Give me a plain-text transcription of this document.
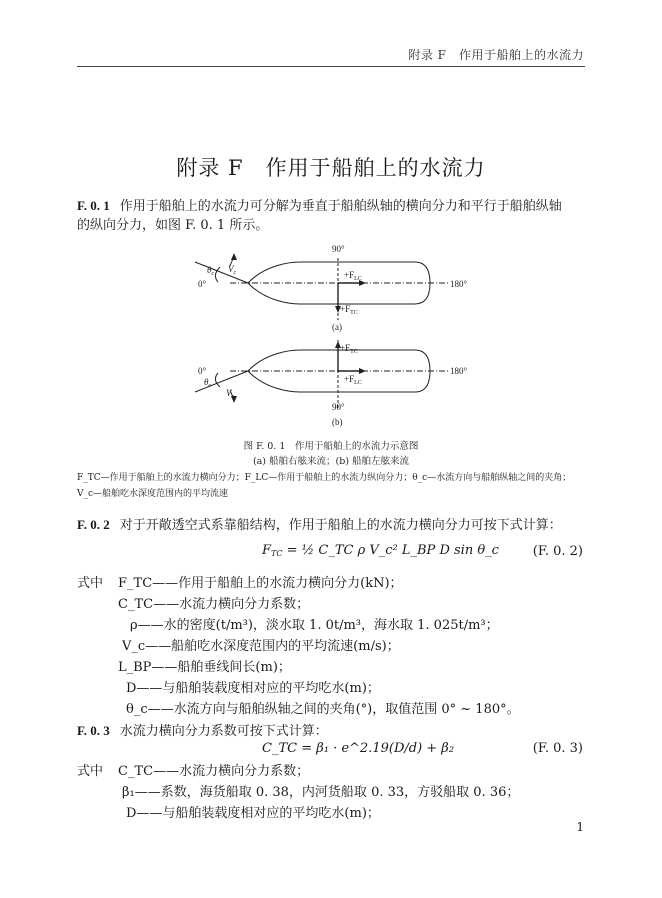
附录 F　作用于船舶上的水流力
附录 F　作用于船舶上的水流力
F. 0. 1 作用于船舶上的水流力可分解为垂直于船舶纵轴的横向分力和平行于船舶纵轴
的纵向分力，如图 F. 0. 1 所示。
90°
0°	180°
$\theta_c$ $V_c$	$+F_{LC}$
$+F_{TC}$
(a)
$+F_{TC}$
0°	180°
$+F_{LC}$
$\theta_c$
$V_c$
90°
(b)
图 F. 0. 1　作用于船舶上的水流力示意图
(a) 船舶右舷来流；(b) 船舶左舷来流
F_TC—作用于船舶上的水流力横向分力；F_LC—作用于船舶上的水流力纵向分力；θ_c—水流方向与船舶纵轴之间的夹角；
V_c—船舶吃水深度范围内的平均流速
F. 0. 2 对于开敞透空式系靠船结构，作用于船舶上的水流力横向分力可按下式计算：
$F_{TC}$ = ½ C_TC ρ V_c² L_BP D sin θ_c	(F. 0. 2)
式中 F_TC——作用于船舶上的水流力横向分力(kN)；
C_TC——水流力横向分力系数；
ρ——水的密度(t/m³)，淡水取 1. 0t/m³，海水取 1. 025t/m³；
V_c——船舶吃水深度范围内的平均流速(m/s)；
L_BP——船舶垂线间长(m)；
D——与船舶装载度相对应的平均吃水(m)；
θ_c——水流方向与船舶纵轴之间的夹角(°)，取值范围 0° ~ 180°。
F. 0. 3 水流力横向分力系数可按下式计算：
C_TC = β₁ · e^2.19(D/d) + β₂	(F. 0. 3)
式中 C_TC——水流力横向分力系数；
β₁——系数，海货船取 0. 38，内河货船取 0. 33，方驳船取 0. 36；
D——与船舶装载度相对应的平均吃水(m)；
1
